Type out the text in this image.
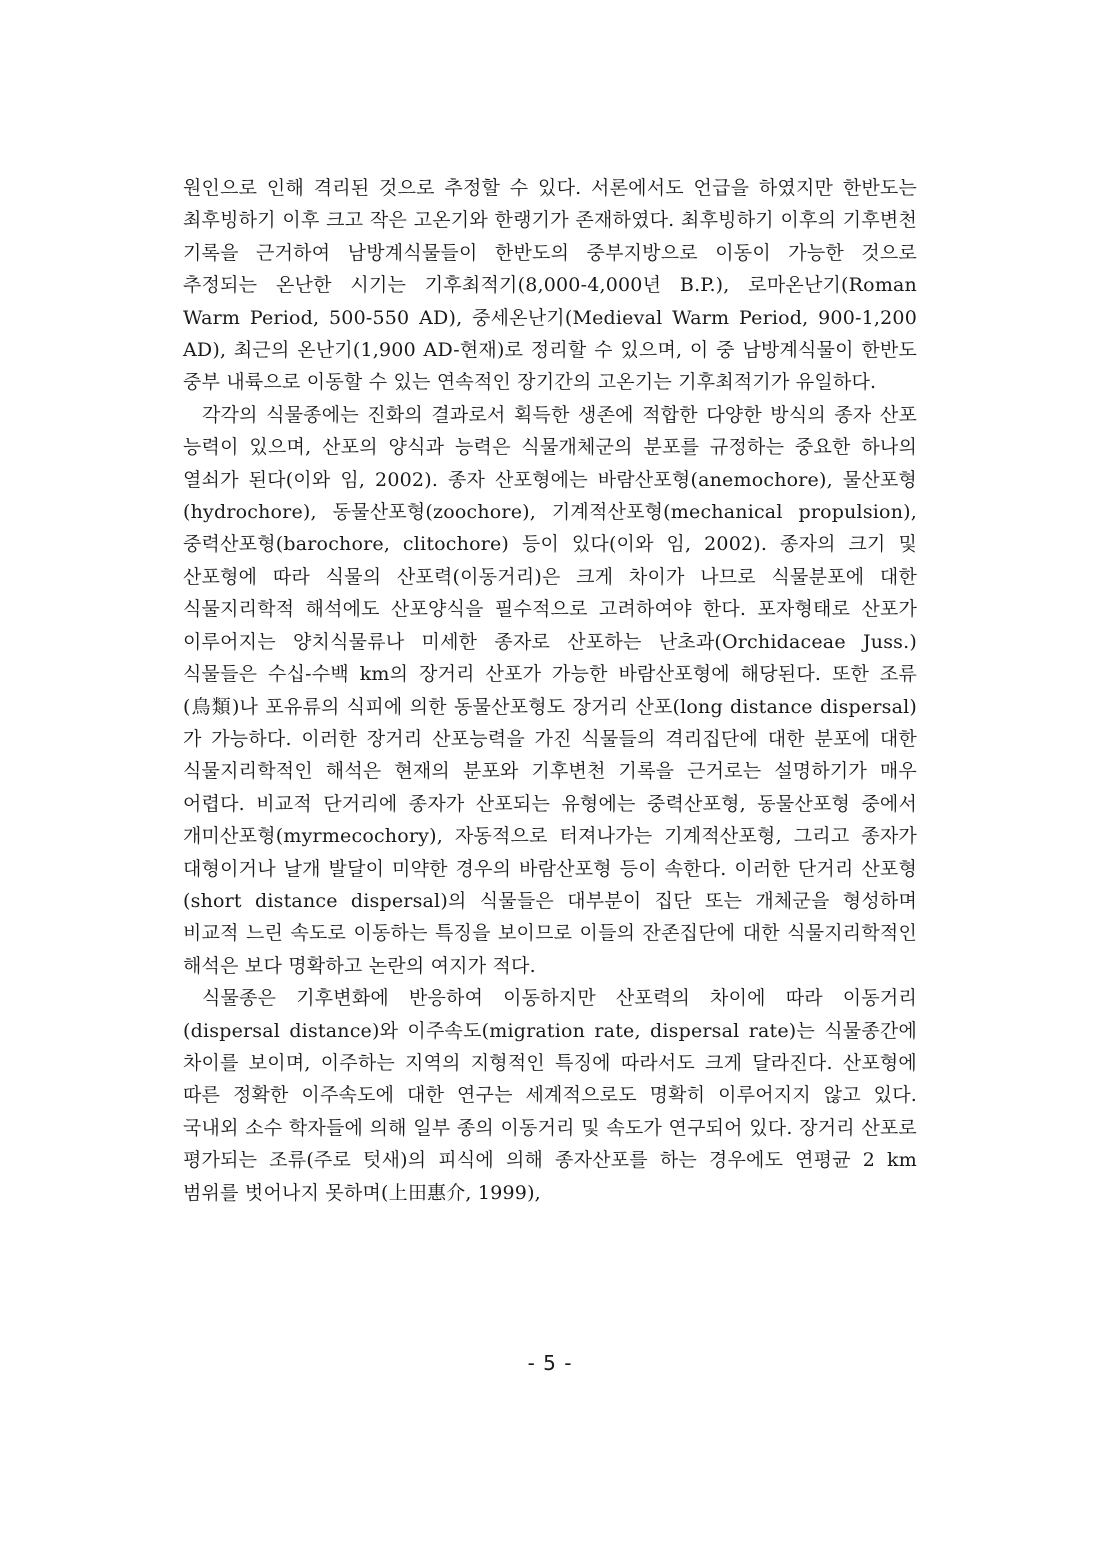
원인으로 인해 격리된 것으로 추정할 수 있다. 서론에서도 언급을 하였지만 한반도는 최후빙하기 이후 크고 작은 고온기와 한랭기가 존재하였다. 최후빙하기 이후의 기후변천 기록을 근거하여 남방계식물들이 한반도의 중부지방으로 이동이 가능한 것으로 추정되는 온난한 시기는 기후최적기(8,000-4,000년 B.P.), 로마온난기(Roman Warm Period, 500-550 AD), 중세온난기(Medieval Warm Period, 900-1,200 AD), 최근의 온난기(1,900 AD-현재)로 정리할 수 있으며, 이 중 남방계식물이 한반도 중부 내륙으로 이동할 수 있는 연속적인 장기간의 고온기는 기후최적기가 유일하다.

각각의 식물종에는 진화의 결과로서 획득한 생존에 적합한 다양한 방식의 종자 산포 능력이 있으며, 산포의 양식과 능력은 식물개체군의 분포를 규정하는 중요한 하나의 열쇠가 된다(이와 임, 2002). 종자 산포형에는 바람산포형(anemochore), 물산포형(hydrochore), 동물산포형(zoochore), 기계적산포형(mechanical propulsion), 중력산포형(barochore, clitochore) 등이 있다(이와 임, 2002). 종자의 크기 및 산포형에 따라 식물의 산포력(이동거리)은 크게 차이가 나므로 식물분포에 대한 식물지리학적 해석에도 산포양식을 필수적으로 고려하여야 한다. 포자형태로 산포가 이루어지는 양치식물류나 미세한 종자로 산포하는 난초과(Orchidaceae Juss.) 식물들은 수십-수백 km의 장거리 산포가 가능한 바람산포형에 해당된다. 또한 조류(鳥類)나 포유류의 식피에 의한 동물산포형도 장거리 산포(long distance dispersal)가 가능하다. 이러한 장거리 산포능력을 가진 식물들의 격리집단에 대한 분포에 대한 식물지리학적인 해석은 현재의 분포와 기후변천 기록을 근거로는 설명하기가 매우 어렵다. 비교적 단거리에 종자가 산포되는 유형에는 중력산포형, 동물산포형 중에서 개미산포형(myrmecochory), 자동적으로 터져나가는 기계적산포형, 그리고 종자가 대형이거나 날개 발달이 미약한 경우의 바람산포형 등이 속한다. 이러한 단거리 산포형(short distance dispersal)의 식물들은 대부분이 집단 또는 개체군을 형성하며 비교적 느린 속도로 이동하는 특징을 보이므로 이들의 잔존집단에 대한 식물지리학적인 해석은 보다 명확하고 논란의 여지가 적다.

식물종은 기후변화에 반응하여 이동하지만 산포력의 차이에 따라 이동거리(dispersal distance)와 이주속도(migration rate, dispersal rate)는 식물종간에 차이를 보이며, 이주하는 지역의 지형적인 특징에 따라서도 크게 달라진다. 산포형에 따른 정확한 이주속도에 대한 연구는 세계적으로도 명확히 이루어지지 않고 있다. 국내외 소수 학자들에 의해 일부 종의 이동거리 및 속도가 연구되어 있다. 장거리 산포로 평가되는 조류(주로 텃새)의 피식에 의해 종자산포를 하는 경우에도 연평균 2 km 범위를 벗어나지 못하며(上田惠介, 1999),

- 5 -
